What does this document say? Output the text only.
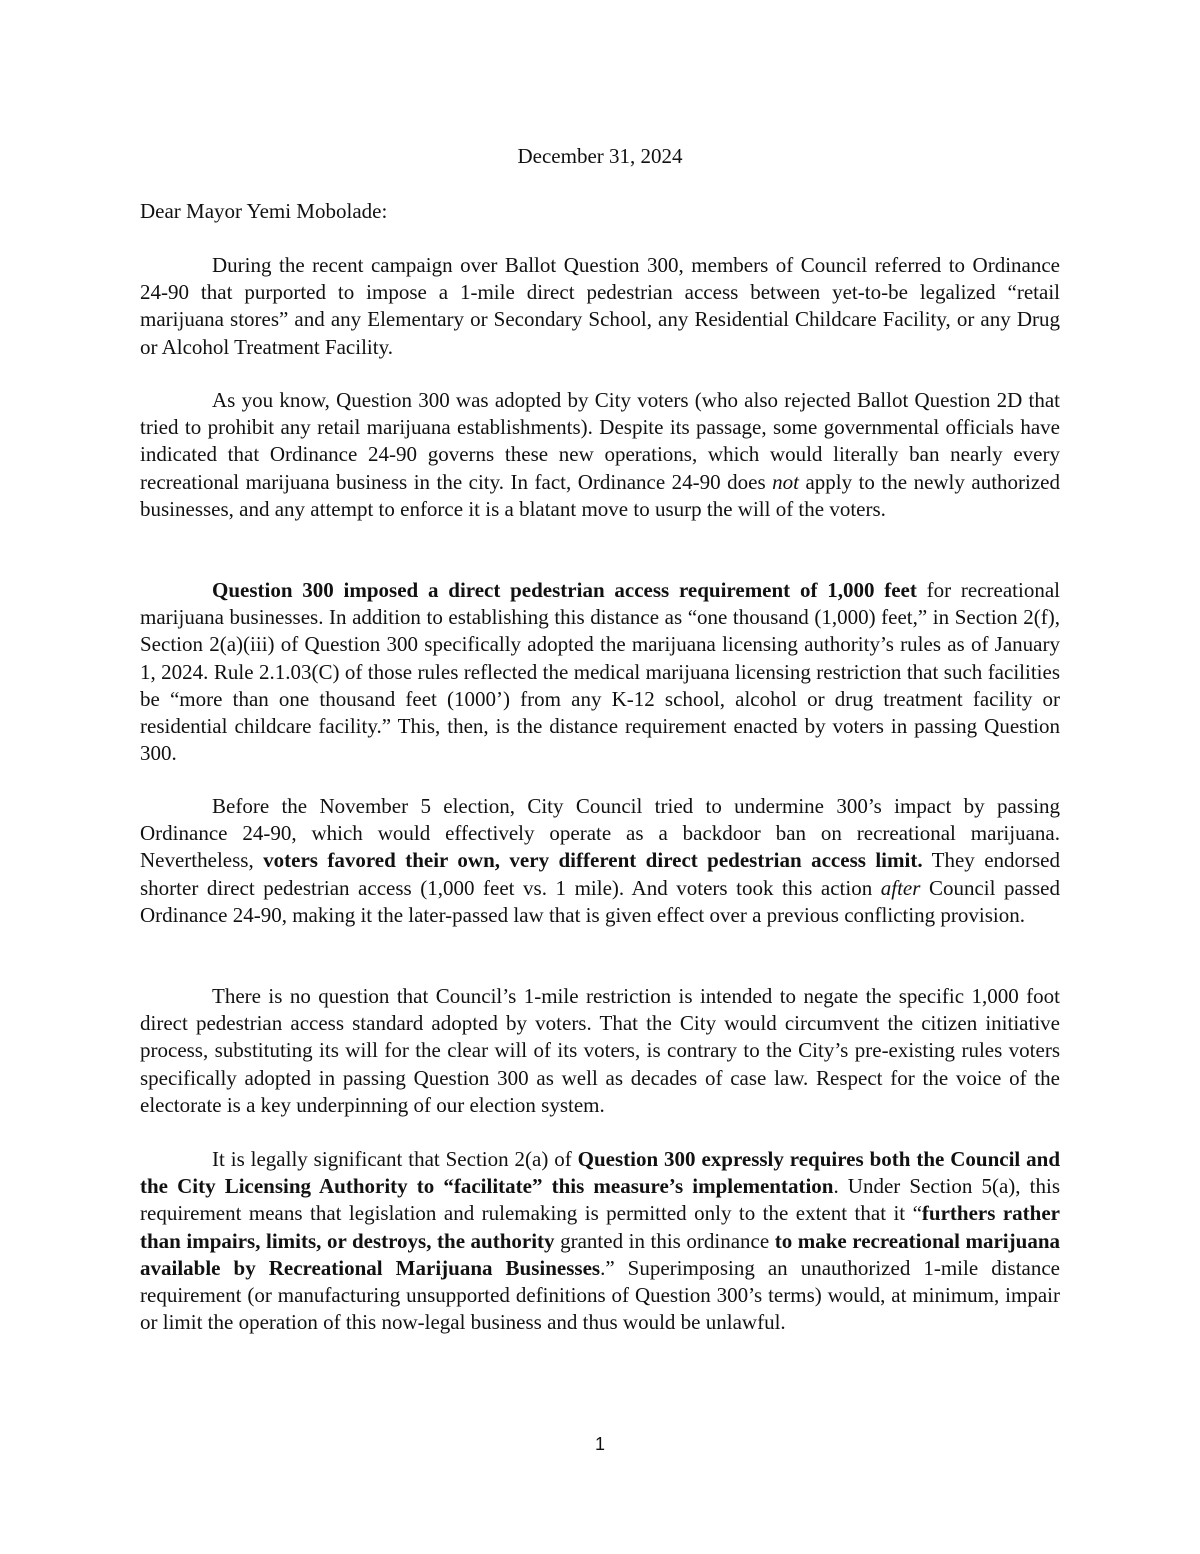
December 31, 2024
Dear Mayor Yemi Mobolade:

During the recent campaign over Ballot Question 300, members of Council referred to Ordinance 24-90 that purported to impose a 1-mile direct pedestrian access between yet-to-be legalized “retail marijuana stores” and any Elementary or Secondary School, any Residential Childcare Facility, or any Drug or Alcohol Treatment Facility.

As you know, Question 300 was adopted by City voters (who also rejected Ballot Question 2D that tried to prohibit any retail marijuana establishments). Despite its passage, some governmental officials have indicated that Ordinance 24-90 governs these new operations, which would literally ban nearly every recreational marijuana business in the city. In fact, Ordinance 24-90 does not apply to the newly authorized businesses, and any attempt to enforce it is a blatant move to usurp the will of the voters.

Question 300 imposed a direct pedestrian access requirement of 1,000 feet for recreational marijuana businesses. In addition to establishing this distance as “one thousand (1,000) feet,” in Section 2(f), Section 2(a)(iii) of Question 300 specifically adopted the marijuana licensing authority’s rules as of January 1, 2024. Rule 2.1.03(C) of those rules reflected the medical marijuana licensing restriction that such facilities be “more than one thousand feet (1000’) from any K-12 school, alcohol or drug treatment facility or residential childcare facility.” This, then, is the distance requirement enacted by voters in passing Question 300.

Before the November 5 election, City Council tried to undermine 300’s impact by passing Ordinance 24-90, which would effectively operate as a backdoor ban on recreational marijuana. Nevertheless, voters favored their own, very different direct pedestrian access limit. They endorsed shorter direct pedestrian access (1,000 feet vs. 1 mile). And voters took this action after Council passed Ordinance 24-90, making it the later-passed law that is given effect over a previous conflicting provision.

There is no question that Council’s 1-mile restriction is intended to negate the specific 1,000 foot direct pedestrian access standard adopted by voters. That the City would circumvent the citizen initiative process, substituting its will for the clear will of its voters, is contrary to the City’s pre-existing rules voters specifically adopted in passing Question 300 as well as decades of case law. Respect for the voice of the electorate is a key underpinning of our election system.

It is legally significant that Section 2(a) of Question 300 expressly requires both the Council and the City Licensing Authority to “facilitate” this measure’s implementation. Under Section 5(a), this requirement means that legislation and rulemaking is permitted only to the extent that it “furthers rather than impairs, limits, or destroys, the authority granted in this ordinance to make recreational marijuana available by Recreational Marijuana Businesses.” Superimposing an unauthorized 1-mile distance requirement (or manufacturing unsupported definitions of Question 300’s terms) would, at minimum, impair or limit the operation of this now-legal business and thus would be unlawful.

1
